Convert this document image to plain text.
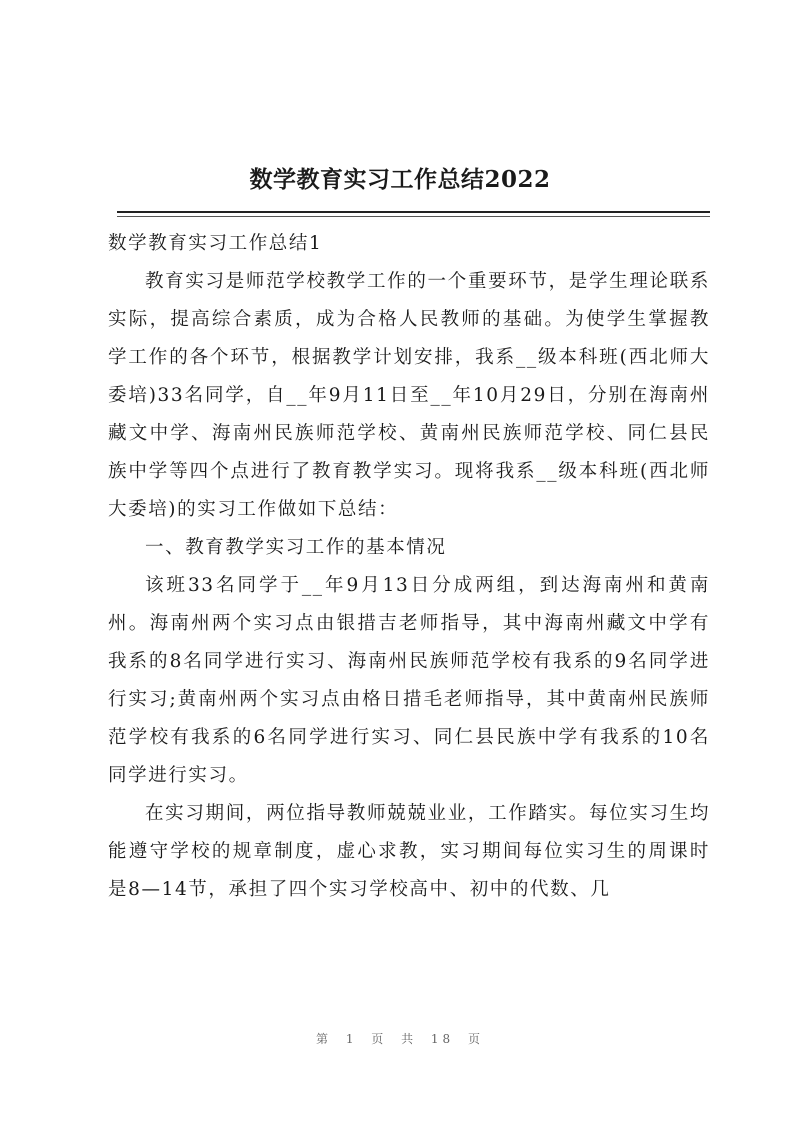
数学教育实习工作总结2022

数学教育实习工作总结1

教育实习是师范学校教学工作的一个重要环节，是学生理论联系实际，提高综合素质，成为合格人民教师的基础。为使学生掌握教学工作的各个环节，根据教学计划安排，我系__级本科班(西北师大委培)33名同学，自__年9月11日至__年10月29日，分别在海南州藏文中学、海南州民族师范学校、黄南州民族师范学校、同仁县民族中学等四个点进行了教育教学实习。现将我系__级本科班(西北师大委培)的实习工作做如下总结：

一、教育教学实习工作的基本情况

该班33名同学于__年9月13日分成两组，到达海南州和黄南州。海南州两个实习点由银措吉老师指导，其中海南州藏文中学有我系的8名同学进行实习、海南州民族师范学校有我系的9名同学进行实习;黄南州两个实习点由格日措毛老师指导，其中黄南州民族师范学校有我系的6名同学进行实习、同仁县民族中学有我系的10名同学进行实习。

在实习期间，两位指导教师兢兢业业，工作踏实。每位实习生均能遵守学校的规章制度，虚心求教，实习期间每位实习生的周课时是8—14节，承担了四个实习学校高中、初中的代数、几

第 1 页 共 18 页
